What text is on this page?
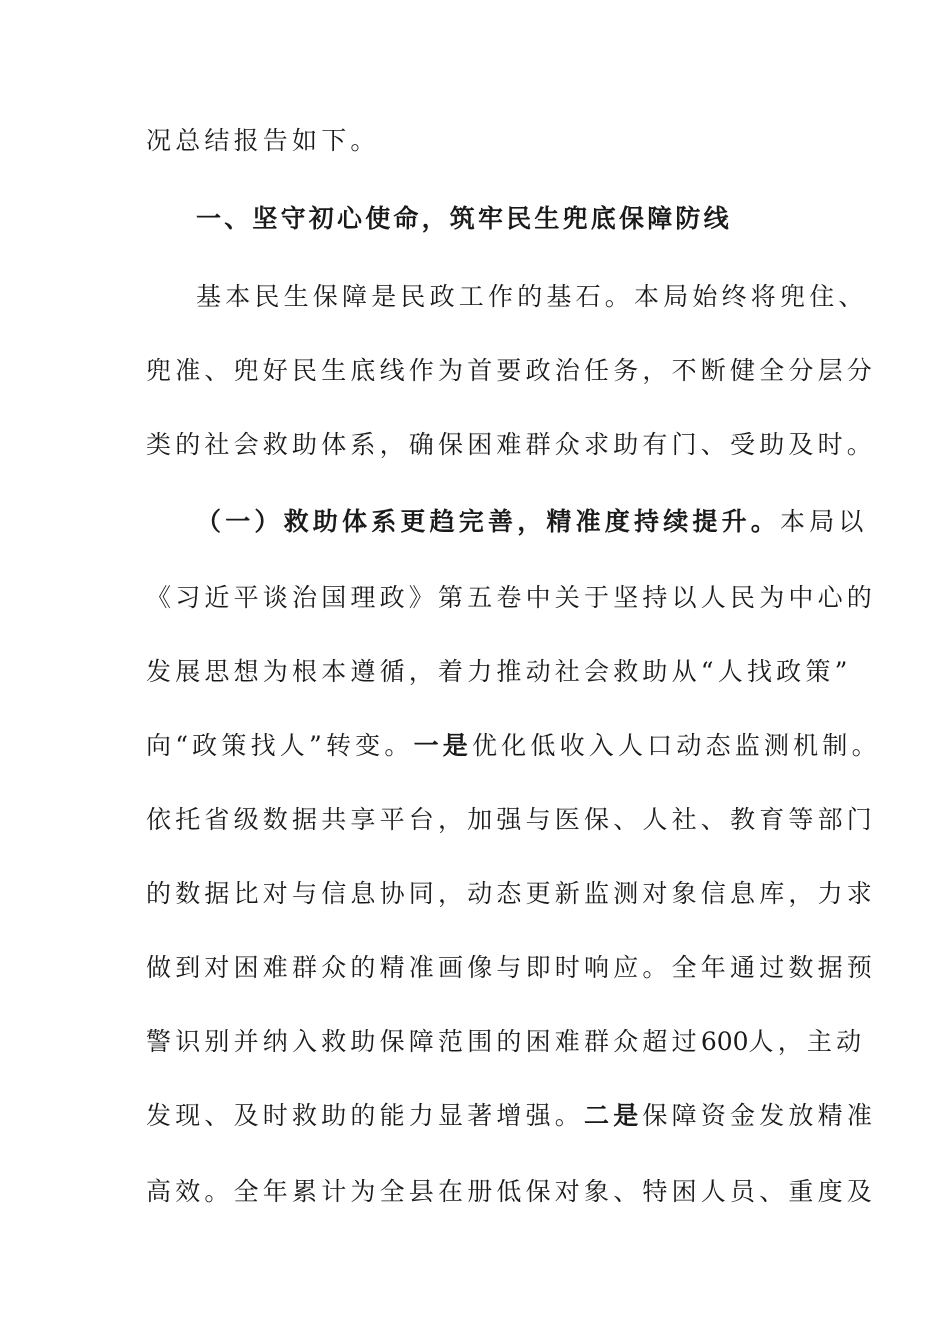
况总结报告如下。
一、坚守初心使命，筑牢民生兜底保障防线
基本民生保障是民政工作的基石。本局始终将兜住、
兜准、兜好民生底线作为首要政治任务，不断健全分层分
类的社会救助体系，确保困难群众求助有门、受助及时。
（一）救助体系更趋完善，精准度持续提升。本局以
《习近平谈治国理政》第五卷中关于坚持以人民为中心的
发展思想为根本遵循，着力推动社会救助从“人找政策”
向“政策找人”转变。一是优化低收入人口动态监测机制。
依托省级数据共享平台，加强与医保、人社、教育等部门
的数据比对与信息协同，动态更新监测对象信息库，力求
做到对困难群众的精准画像与即时响应。全年通过数据预
警识别并纳入救助保障范围的困难群众超过600人，主动
发现、及时救助的能力显著增强。二是保障资金发放精准
高效。全年累计为全县在册低保对象、特困人员、重度及
